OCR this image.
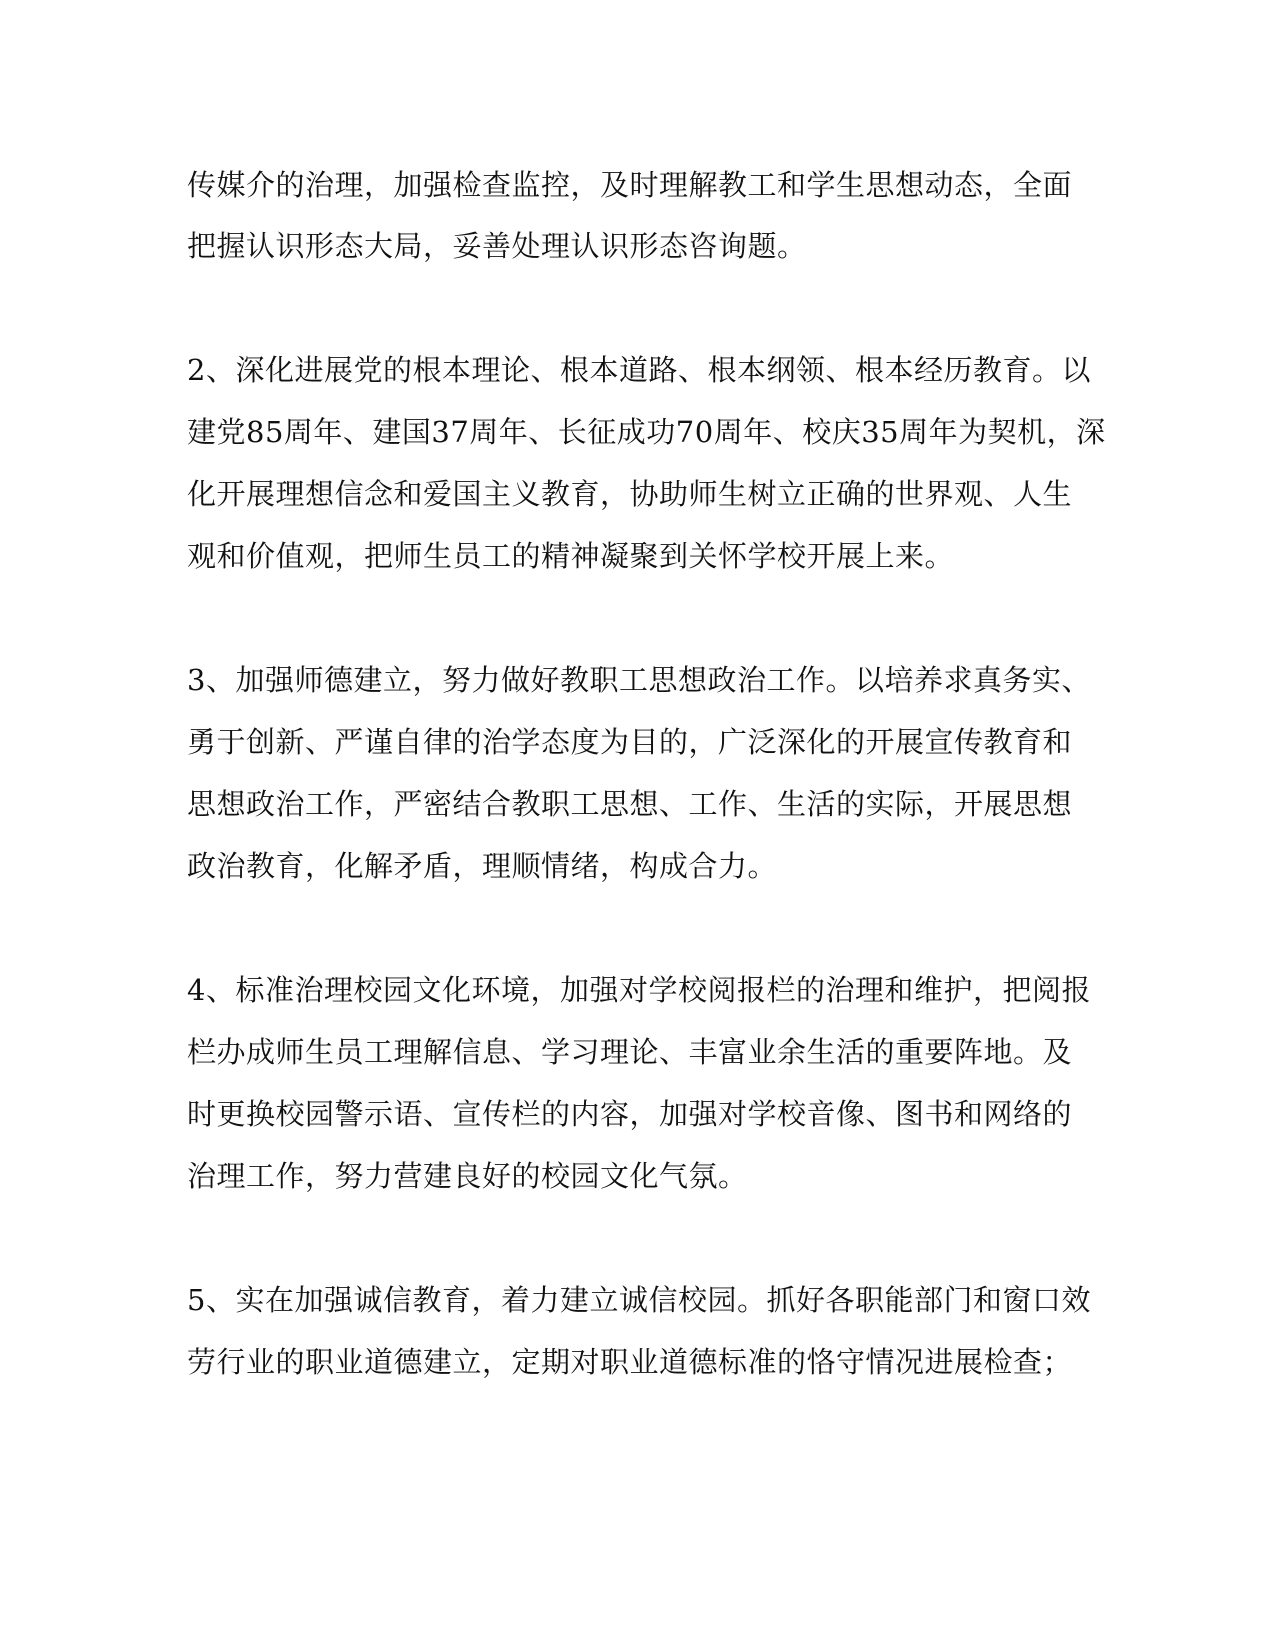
传媒介的治理，加强检查监控，及时理解教工和学生思想动态，全面
把握认识形态大局，妥善处理认识形态咨询题。
2、深化进展党的根本理论、根本道路、根本纲领、根本经历教育。以
建党85周年、建国37周年、长征成功70周年、校庆35周年为契机，深
化开展理想信念和爱国主义教育，协助师生树立正确的世界观、人生
观和价值观，把师生员工的精神凝聚到关怀学校开展上来。
3、加强师德建立，努力做好教职工思想政治工作。以培养求真务实、
勇于创新、严谨自律的治学态度为目的，广泛深化的开展宣传教育和
思想政治工作，严密结合教职工思想、工作、生活的实际，开展思想
政治教育，化解矛盾，理顺情绪，构成合力。
4、标准治理校园文化环境，加强对学校阅报栏的治理和维护，把阅报
栏办成师生员工理解信息、学习理论、丰富业余生活的重要阵地。及
时更换校园警示语、宣传栏的内容，加强对学校音像、图书和网络的
治理工作，努力营建良好的校园文化气氛。
5、实在加强诚信教育，着力建立诚信校园。抓好各职能部门和窗口效
劳行业的职业道德建立，定期对职业道德标准的恪守情况进展检查；
